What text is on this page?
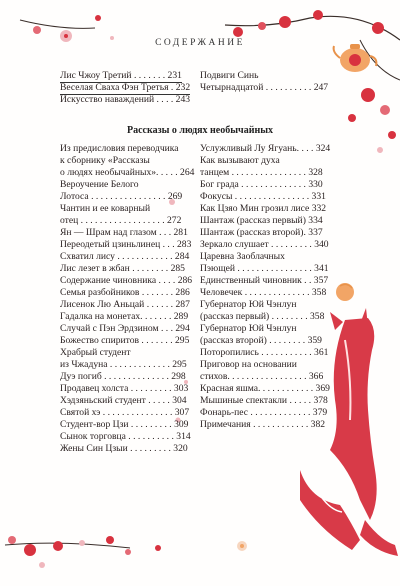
СОДЕРЖАНИЕ
Лис Чжоу Третий . . . . . . . 231
Веселая Сваха Фэн Третья . 232
Искусство наваждений . . . . 243
Подвиги Синь
Четырнадцатой . . . . . . . . . . 247
Рассказы о людях необычайных
Из предисловия переводчика
к сборнику «Рассказы
о людях необычайных». . . . . 264
Вероучение Белого
Лотоса . . . . . . . . . . . . . . . . 269
Чантин и ее коварный
отец . . . . . . . . . . . . . . . . . . 272
Ян — Шрам над глазом . . . 281
Переодетый цзиньлинец . . . 283
Схватил лису . . . . . . . . . . . . 284
Лис лезет в жбан . . . . . . . . 285
Содержание чиновника . . . . 286
Семья разбойников . . . . . . . 286
Лисенок Лю Аньцай . . . . . . 287
Гадалка на монетах. . . . . . . 289
Случай с Пэн Эрдзином . . . 294
Божество спиритов . . . . . . . 295
Храбрый студент
из Чжадуна . . . . . . . . . . . . . 295
Дуэ погиб . . . . . . . . . . . . . . 298
Продавец холста . . . . . . . . . 303
Хэдзяньский студент . . . . . 304
Святой хэ . . . . . . . . . . . . . . . 307
Студент-вор Цзи . . . . . . . . . 309
Сынок торговца . . . . . . . . . . 314
Жены Син Цзыи . . . . . . . . . 320
Услужливый Лу Ягуань. . . . 324
Как вызывают духа
танцем . . . . . . . . . . . . . . . . 328
Бог града . . . . . . . . . . . . . . 330
Фокусы . . . . . . . . . . . . . . . . 331
Как Цзяо Мин грозил лисе 332
Шантаж (рассказ первый) 334
Шантаж (рассказ второй). 337
Зеркало слушает . . . . . . . . . 340
Царевна Заоблачных
Пэющей . . . . . . . . . . . . . . . . 341
Единственный чиновник . . 357
Человечек . . . . . . . . . . . . . . 358
Губернатор Юй Чэнлун
(рассказ первый) . . . . . . . . 358
Губернатор Юй Чэнлун
(рассказ второй) . . . . . . . . 359
Поторопились . . . . . . . . . . . 361
Приговор на основании
стихов. . . . . . . . . . . . . . . . . 366
Красная яшма. . . . . . . . . . . . 369
Мышиные спектакли . . . . . 378
Фонарь-пес . . . . . . . . . . . . . 379
Примечания . . . . . . . . . . . . 382
